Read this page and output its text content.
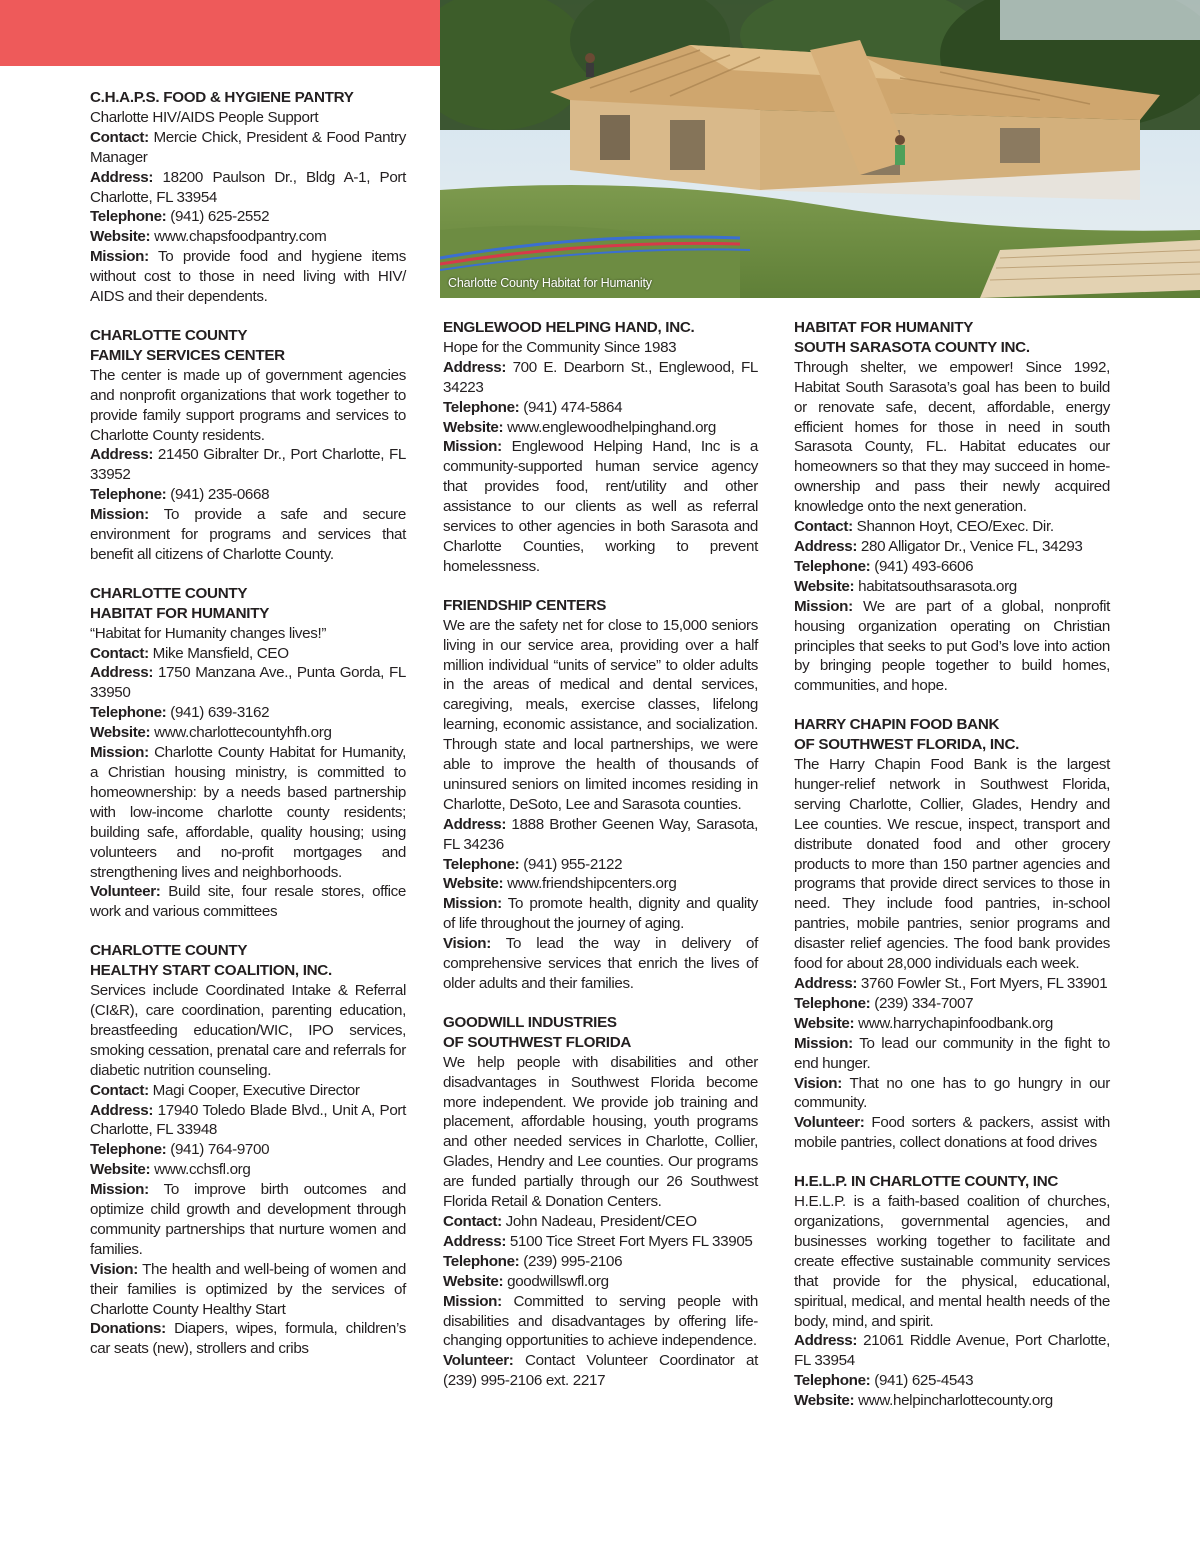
Charlotte County Habitat for Humanity
C.H.A.P.S. FOOD & HYGIENE PANTRY

Charlotte HIV/AIDS People Support

Contact: Mercie Chick, President & Food Pantry Manager

Address: 18200 Paulson Dr., Bldg A-1, Port Charlotte, FL 33954

Telephone: (941) 625-2552

Website: www.chapsfoodpantry.com

Mission: To provide food and hygiene items without cost to those in need living with HIV/ AIDS and their dependents.

CHARLOTTE COUNTY
FAMILY SERVICES CENTER

The center is made up of government agencies and nonprofit organizations that work together to provide family support programs and services to Charlotte County residents.

Address: 21450 Gibralter Dr., Port Charlotte, FL 33952

Telephone: (941) 235-0668

Mission: To provide a safe and secure environment for programs and services that benefit all citizens of Charlotte County.

CHARLOTTE COUNTY
HABITAT FOR HUMANITY

“Habitat for Humanity changes lives!”

Contact: Mike Mansfield, CEO

Address: 1750 Manzana Ave., Punta Gorda, FL 33950

Telephone: (941) 639-3162

Website: www.charlottecountyhfh.org

Mission: Charlotte County Habitat for Humanity, a Christian housing ministry, is committed to homeownership: by a needs based partnership with low-income charlotte county residents; building safe, affordable, quality housing; using volunteers and no-profit mortgages and strengthening lives and neighborhoods.

Volunteer: Build site, four resale stores, office work and various committees

CHARLOTTE COUNTY
HEALTHY START COALITION, INC.

Services include Coordinated Intake & Referral (CI&R), care coordination, parenting education, breastfeeding education/WIC, IPO services, smoking cessation, prenatal care and referrals for diabetic nutrition counseling.

Contact: Magi Cooper, Executive Director

Address: 17940 Toledo Blade Blvd., Unit A, Port Charlotte, FL 33948

Telephone: (941) 764-9700

Website: www.cchsfl.org

Mission: To improve birth outcomes and optimize child growth and development through community partnerships that nurture women and families.

Vision: The health and well-being of women and their families is optimized by the services of Charlotte County Healthy Start

Donations: Diapers, wipes, formula, children’s car seats (new), strollers and cribs

ENGLEWOOD HELPING HAND, INC.

Hope for the Community Since 1983

Address: 700 E. Dearborn St., Englewood, FL 34223

Telephone: (941) 474-5864

Website: www.englewoodhelpinghand.org

Mission: Englewood Helping Hand, Inc is a community-supported human service agency that provides food, rent/utility and other assistance to our clients as well as referral services to other agencies in both Sarasota and Charlotte Counties, working to prevent homelessness.

FRIENDSHIP CENTERS

We are the safety net for close to 15,000 seniors living in our service area, providing over a half million individual “units of service” to older adults in the areas of medical and dental services, caregiving, meals, exercise classes, lifelong learning, economic assistance, and socialization. Through state and local partnerships, we were able to improve the health of thousands of uninsured seniors on limited incomes residing in Charlotte, DeSoto, Lee and Sarasota counties.

Address: 1888 Brother Geenen Way, Sarasota, FL 34236

Telephone: (941) 955-2122

Website: www.friendshipcenters.org

Mission: To promote health, dignity and quality of life throughout the journey of aging.

Vision: To lead the way in delivery of comprehensive services that enrich the lives of older adults and their families.

GOODWILL INDUSTRIES
OF SOUTHWEST FLORIDA

We help people with disabilities and other disadvantages in Southwest Florida become more independent. We provide job training and placement, affordable housing, youth programs and other needed services in Charlotte, Collier, Glades, Hendry and Lee counties. Our programs are funded partially through our 26 Southwest Florida Retail & Donation Centers.

Contact: John Nadeau, President/CEO

Address: 5100 Tice Street Fort Myers FL 33905

Telephone: (239) 995-2106

Website: goodwillswfl.org

Mission: Committed to serving people with disabilities and disadvantages by offering life-changing opportunities to achieve independence.

Volunteer: Contact Volunteer Coordinator at (239) 995-2106 ext. 2217

HABITAT FOR HUMANITY
SOUTH SARASOTA COUNTY INC.

Through shelter, we empower! Since 1992, Habitat South Sarasota’s goal has been to build or renovate safe, decent, affordable, energy efficient homes for those in need in south Sarasota County, FL. Habitat educates our homeowners so that they may succeed in home-ownership and pass their newly acquired knowledge onto the next generation.

Contact: Shannon Hoyt, CEO/Exec. Dir.

Address: 280 Alligator Dr., Venice FL, 34293

Telephone: (941) 493-6606

Website: habitatsouthsarasota.org

Mission: We are part of a global, nonprofit housing organization operating on Christian principles that seeks to put God’s love into action by bringing people together to build homes, communities, and hope.

HARRY CHAPIN FOOD BANK
OF SOUTHWEST FLORIDA, INC.

The Harry Chapin Food Bank is the largest hunger-relief network in Southwest Florida, serving Charlotte, Collier, Glades, Hendry and Lee counties. We rescue, inspect, transport and distribute donated food and other grocery products to more than 150 partner agencies and programs that provide direct services to those in need. They include food pantries, in-school pantries, mobile pantries, senior programs and disaster relief agencies. The food bank provides food for about 28,000 individuals each week.

Address: 3760 Fowler St., Fort Myers, FL 33901

Telephone: (239) 334-7007

Website: www.harrychapinfoodbank.org

Mission: To lead our community in the fight to end hunger.

Vision: That no one has to go hungry in our community.

Volunteer: Food sorters & packers, assist with mobile pantries, collect donations at food drives

H.E.L.P. IN CHARLOTTE COUNTY, INC

H.E.L.P. is a faith-based coalition of churches, organizations, governmental agencies, and businesses working together to facilitate and create effective sustainable community services that provide for the physical, educational, spiritual, medical, and mental health needs of the body, mind, and spirit.

Address: 21061 Riddle Avenue, Port Charlotte, FL 33954

Telephone: (941) 625-4543

Website: www.helpincharlottecounty.org
